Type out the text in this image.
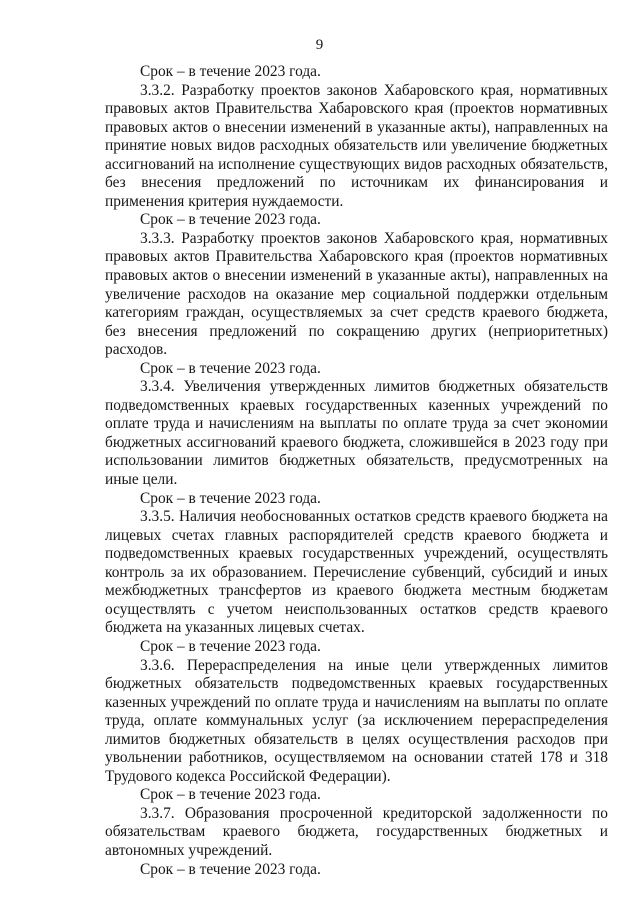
9

Срок – в течение 2023 года.

3.3.2. Разработку проектов законов Хабаровского края, нормативных правовых актов Правительства Хабаровского края (проектов нормативных правовых актов о внесении изменений в указанные акты), направленных на принятие новых видов расходных обязательств или увеличение бюджетных ассигнований на исполнение существующих видов расходных обязательств, без внесения предложений по источникам их финансирования и применения критерия нуждаемости.

Срок – в течение 2023 года.

3.3.3. Разработку проектов законов Хабаровского края, нормативных правовых актов Правительства Хабаровского края (проектов нормативных правовых актов о внесении изменений в указанные акты), направленных на увеличение расходов на оказание мер социальной поддержки отдельным категориям граждан, осуществляемых за счет средств краевого бюджета, без внесения предложений по сокращению других (неприоритетных) расходов.

Срок – в течение 2023 года.

3.3.4. Увеличения утвержденных лимитов бюджетных обязательств подведомственных краевых государственных казенных учреждений по оплате труда и начислениям на выплаты по оплате труда за счет экономии бюджетных ассигнований краевого бюджета, сложившейся в 2023 году при использовании лимитов бюджетных обязательств, предусмотренных на иные цели.

Срок – в течение 2023 года.

3.3.5. Наличия необоснованных остатков средств краевого бюджета на лицевых счетах главных распорядителей средств краевого бюджета и подведомственных краевых государственных учреждений, осуществлять контроль за их образованием. Перечисление субвенций, субсидий и иных межбюджетных трансфертов из краевого бюджета местным бюджетам осуществлять с учетом неиспользованных остатков средств краевого бюджета на указанных лицевых счетах.

Срок – в течение 2023 года.

3.3.6. Перераспределения на иные цели утвержденных лимитов бюджетных обязательств подведомственных краевых государственных казенных учреждений по оплате труда и начислениям на выплаты по оплате труда, оплате коммунальных услуг (за исключением перераспределения лимитов бюджетных обязательств в целях осуществления расходов при увольнении работников, осуществляемом на основании статей 178 и 318 Трудового кодекса Российской Федерации).

Срок – в течение 2023 года.

3.3.7. Образования просроченной кредиторской задолженности по обязательствам краевого бюджета, государственных бюджетных и автономных учреждений.

Срок – в течение 2023 года.
